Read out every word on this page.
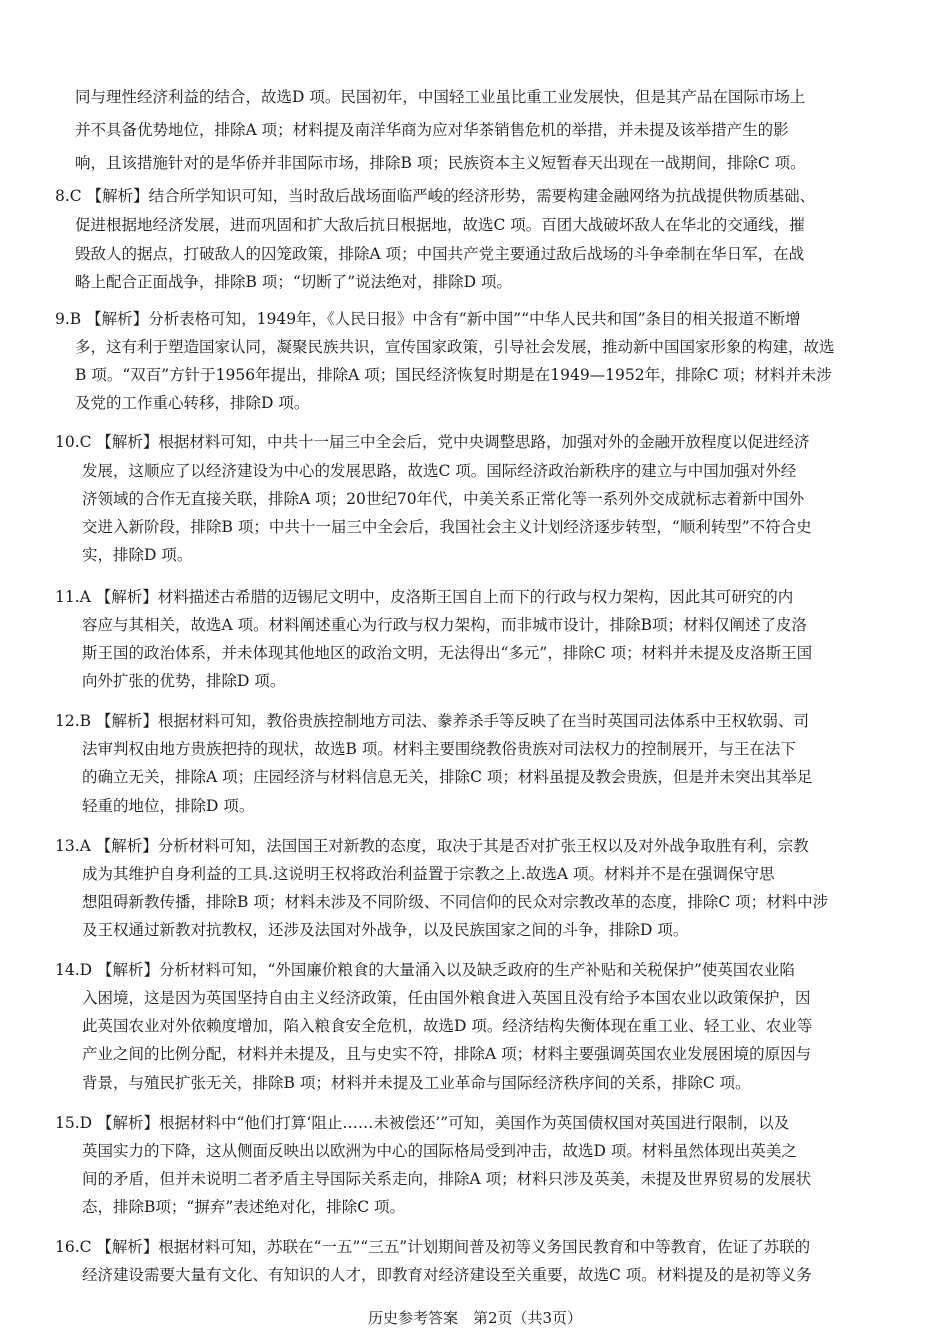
同与理性经济利益的结合，故选D 项。民国初年，中国轻工业虽比重工业发展快，但是其产品在国际市场上
并不具备优势地位，排除A 项；材料提及南洋华商为应对华茶销售危机的举措，并未提及该举措产生的影
响，且该措施针对的是华侨并非国际市场，排除B 项；民族资本主义短暂春天出现在一战期间，排除C 项。
8.C 【解析】结合所学知识可知，当时敌后战场面临严峻的经济形势，需要构建金融网络为抗战提供物质基础、
促进根据地经济发展，进而巩固和扩大敌后抗日根据地，故选C 项。百团大战破坏敌人在华北的交通线，摧
毁敌人的据点，打破敌人的囚笼政策，排除A 项；中国共产党主要通过敌后战场的斗争牵制在华日军，在战
略上配合正面战争，排除B 项；“切断了”说法绝对，排除D 项。
9.B 【解析】分析表格可知，1949年，《人民日报》中含有“新中国”“中华人民共和国”条目的相关报道不断增
多，这有利于塑造国家认同，凝聚民族共识，宣传国家政策，引导社会发展，推动新中国国家形象的构建，故选
B 项。“双百”方针于1956年提出，排除A 项；国民经济恢复时期是在1949—1952年，排除C 项；材料并未涉
及党的工作重心转移，排除D 项。
10.C 【解析】根据材料可知，中共十一届三中全会后，党中央调整思路，加强对外的金融开放程度以促进经济
发展，这顺应了以经济建设为中心的发展思路，故选C 项。国际经济政治新秩序的建立与中国加强对外经
济领域的合作无直接关联，排除A 项；20世纪70年代，中美关系正常化等一系列外交成就标志着新中国外
交进入新阶段，排除B 项；中共十一届三中全会后，我国社会主义计划经济逐步转型，“顺利转型”不符合史
实，排除D 项。
11.A 【解析】材料描述古希腊的迈锡尼文明中，皮洛斯王国自上而下的行政与权力架构，因此其可研究的内
容应与其相关，故选A 项。材料阐述重心为行政与权力架构，而非城市设计，排除B项；材料仅阐述了皮洛
斯王国的政治体系，并未体现其他地区的政治文明，无法得出“多元”，排除C 项；材料并未提及皮洛斯王国
向外扩张的优势，排除D 项。
12.B 【解析】根据材料可知，教俗贵族控制地方司法、豢养杀手等反映了在当时英国司法体系中王权软弱、司
法审判权由地方贵族把持的现状，故选B 项。材料主要围绕教俗贵族对司法权力的控制展开，与王在法下
的确立无关，排除A 项；庄园经济与材料信息无关，排除C 项；材料虽提及教会贵族，但是并未突出其举足
轻重的地位，排除D 项。
13.A 【解析】分析材料可知，法国国王对新教的态度，取决于其是否对扩张王权以及对外战争取胜有利，宗教
成为其维护自身利益的工具.这说明王权将政治利益置于宗教之上.故选A 项。材料并不是在强调保守思
想阻碍新教传播，排除B 项；材料未涉及不同阶级、不同信仰的民众对宗教改革的态度，排除C 项；材料中涉
及王权通过新教对抗教权，还涉及法国对外战争，以及民族国家之间的斗争，排除D 项。
14.D 【解析】分析材料可知，“外国廉价粮食的大量涌入以及缺乏政府的生产补贴和关税保护”使英国农业陷
入困境，这是因为英国坚持自由主义经济政策，任由国外粮食进入英国且没有给予本国农业以政策保护，因
此英国农业对外依赖度增加，陷入粮食安全危机，故选D 项。经济结构失衡体现在重工业、轻工业、农业等
产业之间的比例分配，材料并未提及，且与史实不符，排除A 项；材料主要强调英国农业发展困境的原因与
背景，与殖民扩张无关，排除B 项；材料并未提及工业革命与国际经济秩序间的关系，排除C 项。
15.D 【解析】根据材料中“他们打算‘阻止……未被偿还’”可知，美国作为英国债权国对英国进行限制，以及
英国实力的下降，这从侧面反映出以欧洲为中心的国际格局受到冲击，故选D 项。材料虽然体现出英美之
间的矛盾，但并未说明二者矛盾主导国际关系走向，排除A 项；材料只涉及英美，未提及世界贸易的发展状
态，排除B项；“摒弃”表述绝对化，排除C 项。
16.C 【解析】根据材料可知，苏联在“一五”“三五”计划期间普及初等义务国民教育和中等教育，佐证了苏联的
经济建设需要大量有文化、有知识的人才，即教育对经济建设至关重要，故选C 项。材料提及的是初等义务
历史参考答案　第2页（共3页）
